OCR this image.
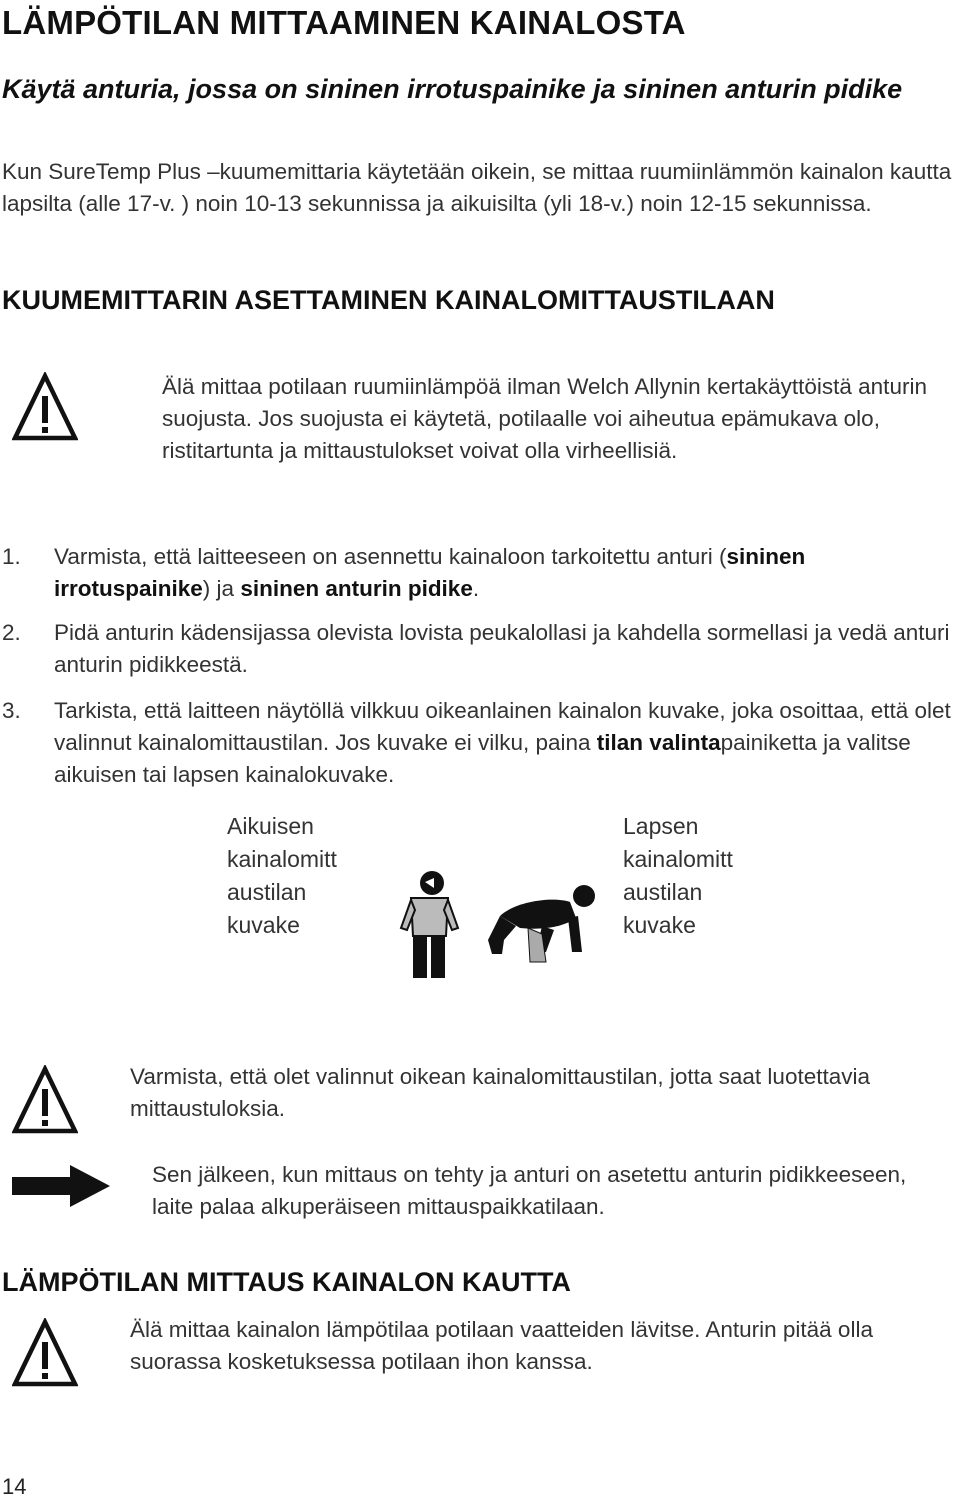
LÄMPÖTILAN MITTAAMINEN KAINALOSTA
Käytä anturia, jossa on sininen irrotuspainike ja sininen anturin pidike
Kun SureTemp Plus –kuumemittaria käytetään oikein, se mittaa ruumiinlämmön kainalon kautta lapsilta (alle 17-v. ) noin 10-13 sekunnissa ja aikuisilta (yli 18-v.) noin 12-15 sekunnissa.
KUUMEMITTARIN ASETTAMINEN KAINALOMITTAUSTILAAN
Älä mittaa potilaan ruumiinlämpöä ilman Welch Allynin kertakäyttöistä anturin suojusta. Jos suojusta ei käytetä, potilaalle voi aiheutua epämukava olo, ristitartunta ja mittaustulokset voivat olla virheellisiä.
1. Varmista, että laitteeseen on asennettu kainaloon tarkoitettu anturi (sininen irrotuspainike) ja sininen anturin pidike.
2. Pidä anturin kädensijassa olevista lovista peukalollasi ja kahdella sormellasi ja vedä anturi anturin pidikkeestä.
3. Tarkista, että laitteen näytöllä vilkkuu oikeanlainen kainalon kuvake, joka osoittaa, että olet valinnut kainalomittaustilan. Jos kuvake ei vilku, paina tilan valintapainiketta ja valitse aikuisen tai lapsen kainalokuvake.
Aikuisen
kainalomitt
austilan
kuvake
Lapsen
kainalomitt
austilan
kuvake
Varmista, että olet valinnut oikean kainalomittaustilan, jotta saat luotettavia mittaustuloksia.
Sen jälkeen, kun mittaus on tehty ja anturi on asetettu anturin pidikkeeseen, laite palaa alkuperäiseen mittauspaikkatilaan.
LÄMPÖTILAN MITTAUS KAINALON KAUTTA
Älä mittaa kainalon lämpötilaa potilaan vaatteiden lävitse. Anturin pitää olla suorassa kosketuksessa potilaan ihon kanssa.
14
